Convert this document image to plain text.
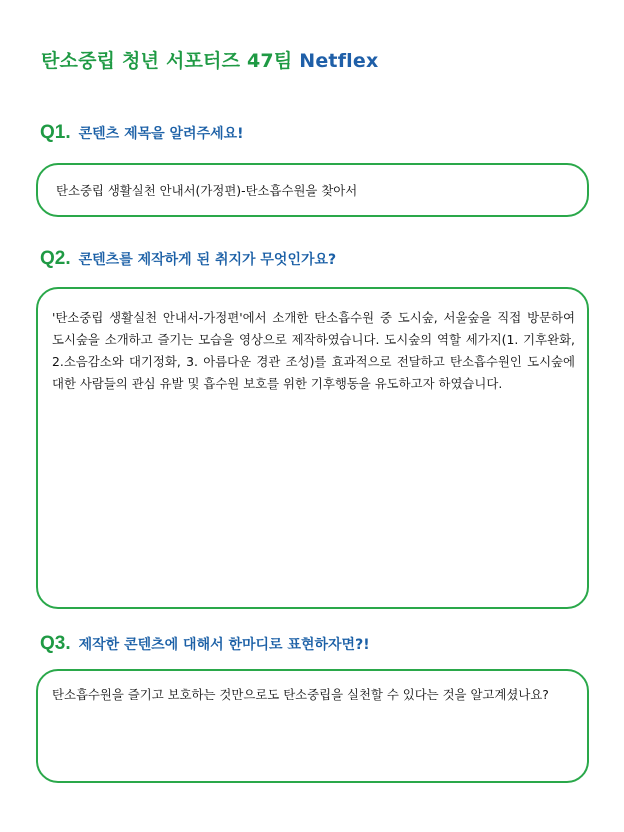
탄소중립 청년 서포터즈 47팀 Netflex
Q1. 콘텐츠 제목을 알려주세요!
탄소중립 생활실천 안내서(가정편)-탄소흡수원을 찾아서
Q2. 콘텐츠를 제작하게 된 취지가 무엇인가요?
'탄소중립 생활실천 안내서-가정편'에서 소개한 탄소흡수원 중 도시숲, 서울숲을 직접 방문하여 도시숲을 소개하고 즐기는 모습을 영상으로 제작하였습니다. 도시숲의 역할 세가지(1. 기후완화, 2.소음감소와 대기정화, 3. 아름다운 경관 조성)를 효과적으로 전달하고 탄소흡수원인 도시숲에 대한 사람들의 관심 유발 및 흡수원 보호를 위한 기후행동을 유도하고자 하였습니다.
Q3. 제작한 콘텐츠에 대해서 한마디로 표현하자면?!
탄소흡수원을 즐기고 보호하는 것만으로도 탄소중립을 실천할 수 있다는 것을 알고계셨나요?
